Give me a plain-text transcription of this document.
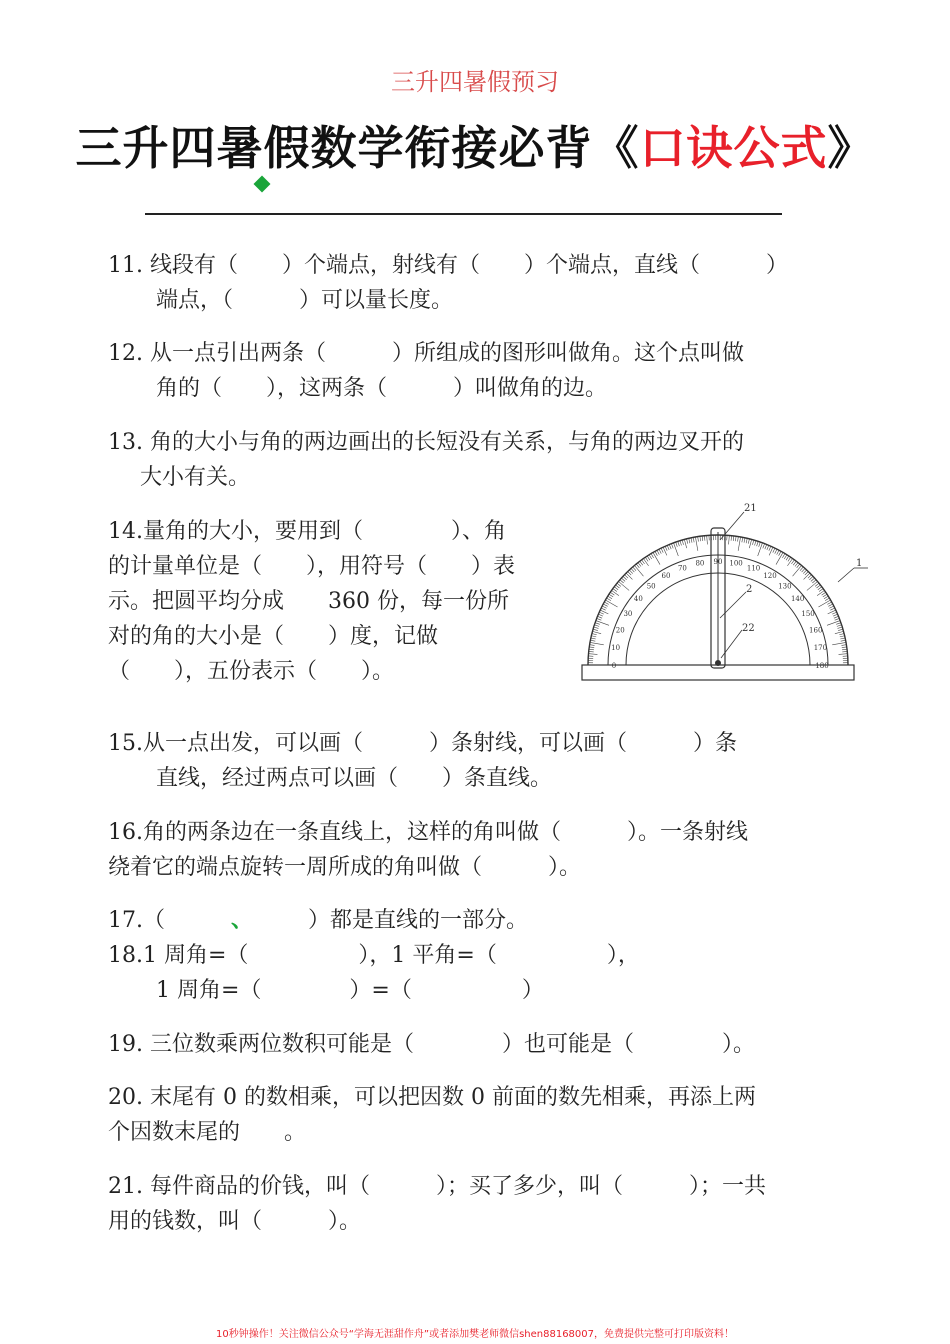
三升四暑假预习
三升四暑假数学衔接必背《口诀公式》
11. 线段有（　　）个端点，射线有（　　）个端点，直线（　　　）
端点，（　　　）可以量长度。
12. 从一点引出两条（　　　）所组成的图形叫做角。这个点叫做
角的（　　），这两条（　　　）叫做角的边。
13. 角的大小与角的两边画出的长短没有关系，与角的两边叉开的
大小有关。
14.量角的大小，要用到（　　　　）、角
的计量单位是（　　），用符号（　　）表
示。把圆平均分成　　360 份，每一份所
对的角的大小是（　　）度，记做
（　　），五份表示（　　）。	0
10
20
30
40
50
60
70
80 90 100
110
120
130
140
150
160
170
180
21
2
22
1
15.从一点出发，可以画（　　　）条射线，可以画（　　　）条
直线，经过两点可以画（　　）条直线。
16.角的两条边在一条直线上，这样的角叫做（　　　）。一条射线
绕着它的端点旋转一周所成的角叫做（　　　）。
17.（　　　、　　　）都是直线的一部分。
18.1 周角=（　　　　　），1 平角=（　　　　　），
1 周角=（　　　　）=（　　　　　）
19. 三位数乘两位数积可能是（　　　　）也可能是（　　　　）。
20. 末尾有 0 的数相乘，可以把因数 0 前面的数先相乘，再添上两
个因数末尾的　　。
21. 每件商品的价钱，叫（　　　）；买了多少，叫（　　　）；一共
用的钱数，叫（　　　）。
10秒钟操作！关注微信公众号“学海无涯甜作舟”或者添加樊老师微信shen88168007，免费提供完整可打印版资料！
